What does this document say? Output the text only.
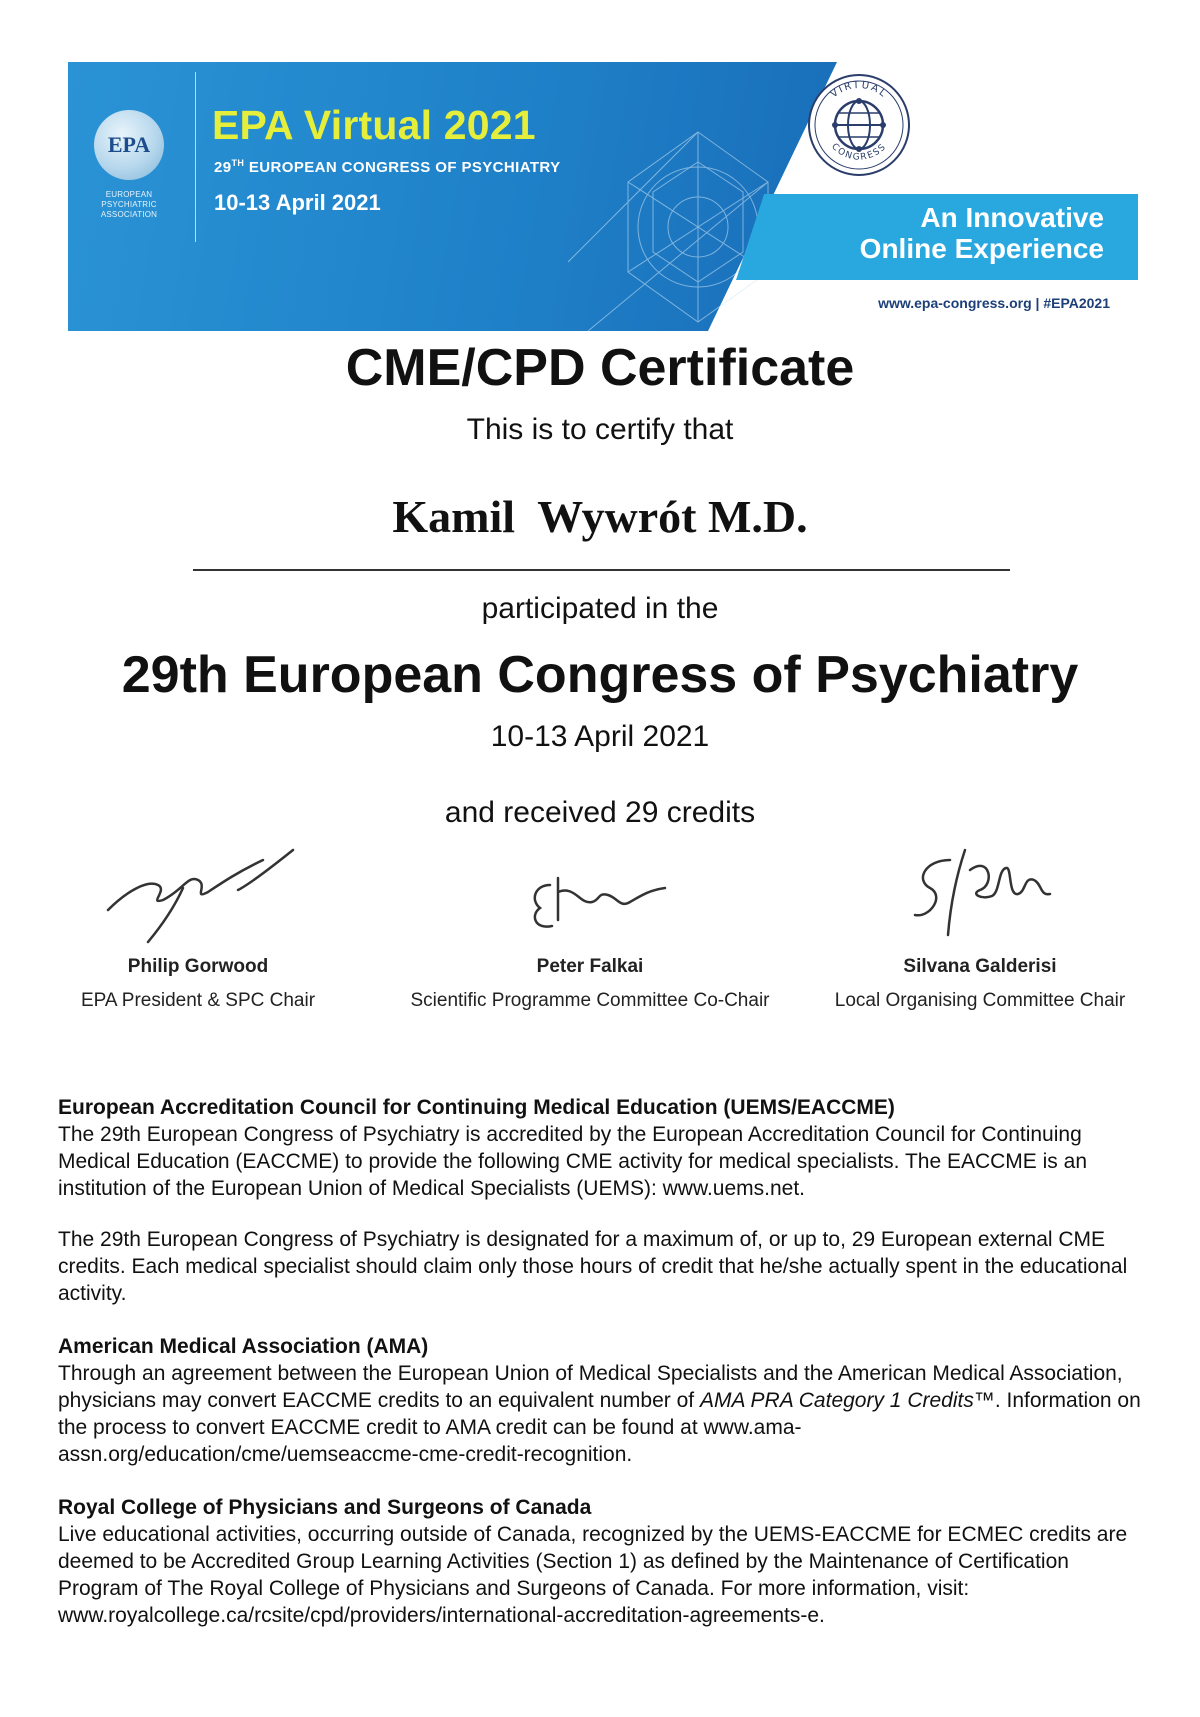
EPA
EUROPEAN
PSYCHIATRIC
ASSOCIATION
EPA Virtual 2021
29TH EUROPEAN CONGRESS OF PSYCHIATRY
10-13 April 2021
VIRTUAL
CONGRESS
An Innovative
Online Experience
www.epa-congress.org | #EPA2021
CME/CPD Certificate
This is to certify that
Kamil  Wywrót M.D.
participated in the
29th European Congress of Psychiatry
10-13 April 2021
and received 29 credits
Philip Gorwood
EPA President & SPC Chair
Peter Falkai
Scientific Programme Committee Co-Chair
Silvana Galderisi
Local Organising Committee Chair
European Accreditation Council for Continuing Medical Education (UEMS/EACCME)

The 29th European Congress of Psychiatry is accredited by the European Accreditation Council for Continuing Medical Education (EACCME) to provide the following CME activity for medical specialists. The EACCME is an institution of the European Union of Medical Specialists (UEMS): www.uems.net.

The 29th European Congress of Psychiatry is designated for a maximum of, or up to, 29 European external CME credits. Each medical specialist should claim only those hours of credit that he/she actually spent in the educational activity.

American Medical Association (AMA)

Through an agreement between the European Union of Medical Specialists and the American Medical Association, physicians may convert EACCME credits to an equivalent number of AMA PRA Category 1 Credits™. Information on the process to convert EACCME credit to AMA credit can be found at www.ama-assn.org/education/cme/uemseaccme-cme-credit-recognition.

Royal College of Physicians and Surgeons of Canada

Live educational activities, occurring outside of Canada, recognized by the UEMS-EACCME for ECMEC credits are deemed to be Accredited Group Learning Activities (Section 1) as defined by the Maintenance of Certification Program of The Royal College of Physicians and Surgeons of Canada. For more information, visit: www.royalcollege.ca/rcsite/cpd/providers/international-accreditation-agreements-e.
